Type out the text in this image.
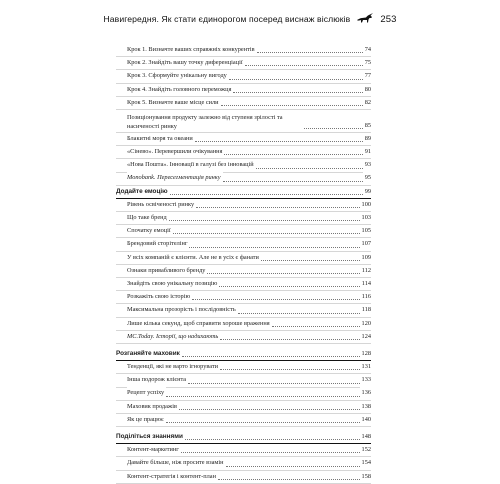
Навигередня. Як стати єдинорогом посеред виснаж віслюків	253
Крок 1. Визначте ваших справжніх конкурентів	74
Крок 2. Знайдіть вашу точку диференціації	75
Крок 3. Сформуйте унікальну вигоду	77
Крок 4. Знайдіть головного переможця	80
Крок 5. Визначте ваше місце сили	82
Позиціонування продукту залежно від ступеня зрілості та насиченості ринку	85
Блакитні моря та океани	89
«Сінево». Перевершили очікування	91
«Нова Пошта». Інновації в галузі без інновацій	93
Monobank. Пересегментація ринку	95
Додайте емоцію	99
Рівень освіченості ринку	100
Що таке бренд	103
Спочатку емоції	105
Брендовий сторітелінг	107
У всіх компаній є клієнти. Але не в усіх є фанати	109
Ознаки привабливого бренду	112
Знайдіть свою унікальну позицію	114
Розкажіть свою історію	116
Максимальна прозорість і послідовність	118
Лише кілька секунд, щоб справити хороше враження	120
MC.Today. Історії, що надихають	124
Розганяйте маховик	128
Тенденції, які не варто ігнорувати	131
Інша подорож клієнта	133
Рецепт успіху	136
Маховик продажів	138
Як це працює	140
Поділіться знаннями	148
Контент-маркетинг	152
Давайте більше, ніж просите взамін	154
Контент-стратегія і контент-план	158
